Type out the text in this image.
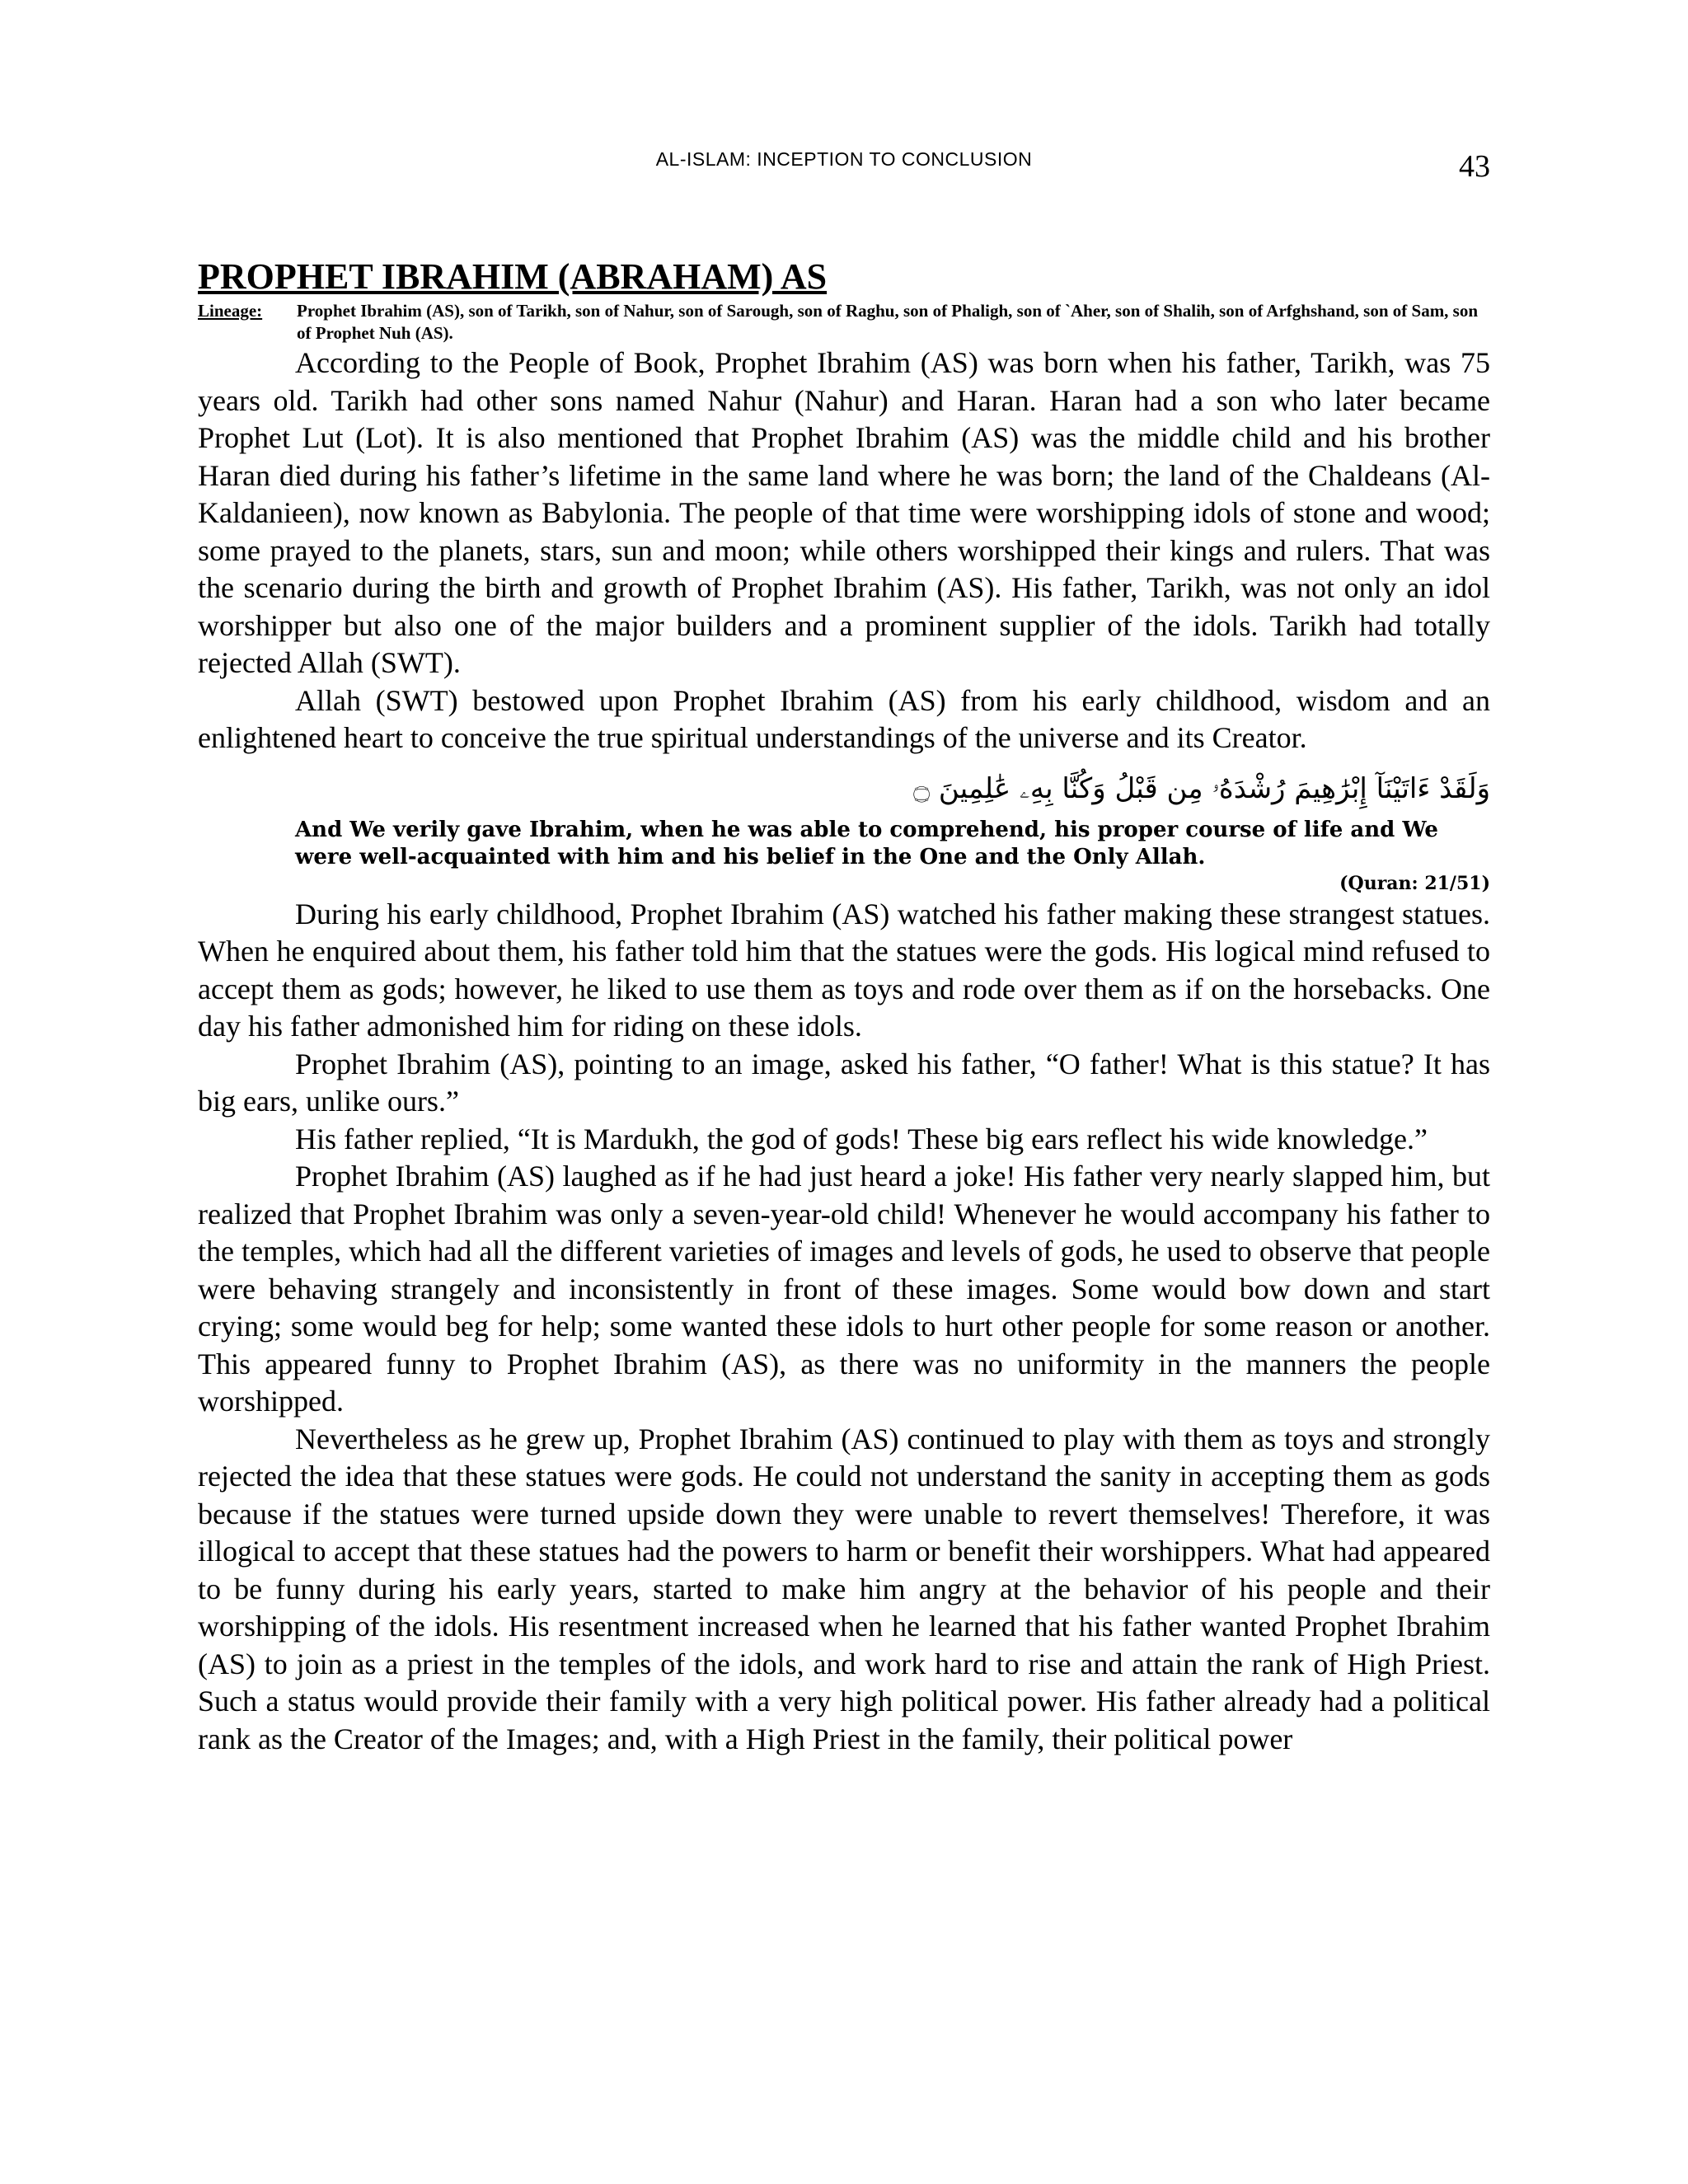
AL-ISLAM: INCEPTION TO CONCLUSION	43
PROPHET IBRAHIM (ABRAHAM) AS
Lineage:	Prophet Ibrahim (AS), son of Tarikh, son of Nahur, son of Sarough, son of Raghu, son of Phaligh, son of `Aher, son of Shalih, son of Arfghshand, son of Sam, son of Prophet Nuh (AS).

According to the People of Book, Prophet Ibrahim (AS) was born when his father, Tarikh, was 75 years old. Tarikh had other sons named Nahur (Nahur) and Haran. Haran had a son who later became Prophet Lut (Lot). It is also mentioned that Prophet Ibrahim (AS) was the middle child and his brother Haran died during his father’s lifetime in the same land where he was born; the land of the Chaldeans (Al-Kaldanieen), now known as Babylonia. The people of that time were worshipping idols of stone and wood; some prayed to the planets, stars, sun and moon; while others worshipped their kings and rulers. That was the scenario during the birth and growth of Prophet Ibrahim (AS). His father, Tarikh, was not only an idol worshipper but also one of the major builders and a prominent supplier of the idols. Tarikh had totally rejected Allah (SWT).

Allah (SWT) bestowed upon Prophet Ibrahim (AS) from his early childhood, wisdom and an enlightened heart to conceive the true spiritual understandings of the universe and its Creator.

وَلَقَدْ ءَاتَيْنَآ إِبْرَٰهِيمَ رُشْدَهُۥ مِن قَبْلُ وَكُنَّا بِهِۦ عَٰلِمِينَ ۝
And We verily gave Ibrahim, when he was able to comprehend, his proper course of life and We were well-acquainted with him and his belief in the One and the Only Allah.
(Quran: 21/51)

During his early childhood, Prophet Ibrahim (AS) watched his father making these strangest statues. When he enquired about them, his father told him that the statues were the gods. His logical mind refused to accept them as gods; however, he liked to use them as toys and rode over them as if on the horsebacks. One day his father admonished him for riding on these idols.

Prophet Ibrahim (AS), pointing to an image, asked his father, “O father! What is this statue? It has big ears, unlike ours.”

His father replied, “It is Mardukh, the god of gods! These big ears reflect his wide knowledge.”

Prophet Ibrahim (AS) laughed as if he had just heard a joke! His father very nearly slapped him, but realized that Prophet Ibrahim was only a seven-year-old child! Whenever he would accompany his father to the temples, which had all the different varieties of images and levels of gods, he used to observe that people were behaving strangely and inconsistently in front of these images. Some would bow down and start crying; some would beg for help; some wanted these idols to hurt other people for some reason or another. This appeared funny to Prophet Ibrahim (AS), as there was no uniformity in the manners the people worshipped.

Nevertheless as he grew up, Prophet Ibrahim (AS) continued to play with them as toys and strongly rejected the idea that these statues were gods. He could not understand the sanity in accepting them as gods because if the statues were turned upside down they were unable to revert themselves! Therefore, it was illogical to accept that these statues had the powers to harm or benefit their worshippers. What had appeared to be funny during his early years, started to make him angry at the behavior of his people and their worshipping of the idols. His resentment increased when he learned that his father wanted Prophet Ibrahim (AS) to join as a priest in the temples of the idols, and work hard to rise and attain the rank of High Priest. Such a status would provide their family with a very high political power. His father already had a political rank as the Creator of the Images; and, with a High Priest in the family, their political power
